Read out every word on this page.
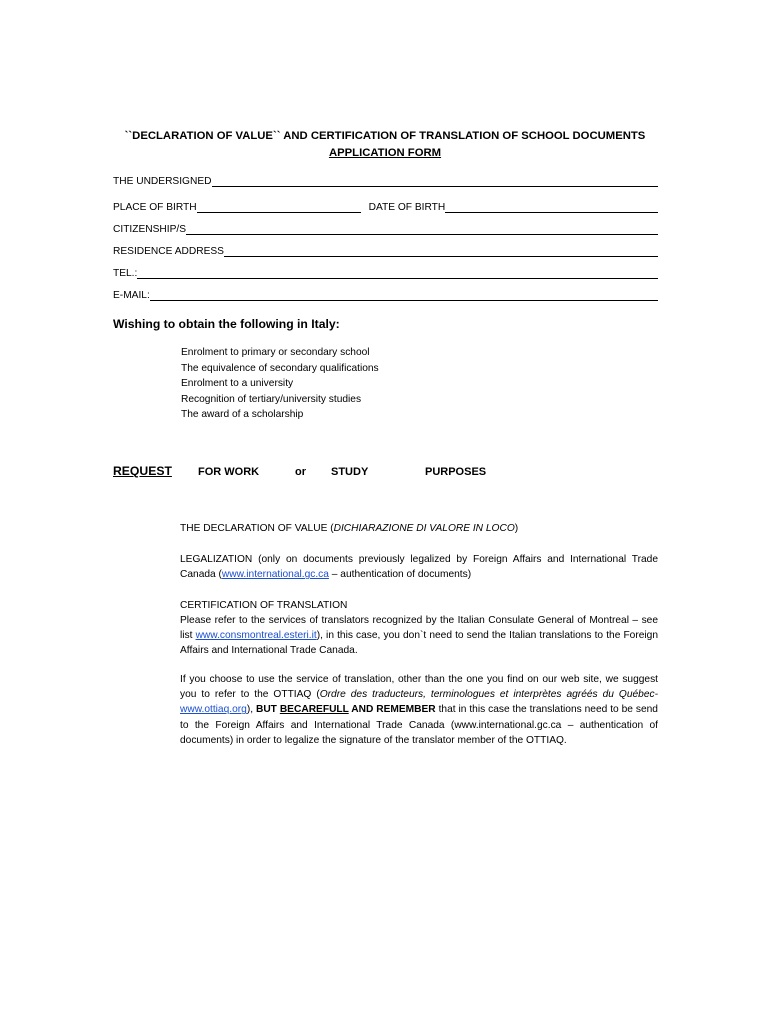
``DECLARATION OF VALUE`` AND CERTIFICATION OF TRANSLATION OF SCHOOL DOCUMENTS
APPLICATION FORM
THE UNDERSIGNED
PLACE OF BIRTH	DATE OF BIRTH
CITIZENSHIP/S
RESIDENCE ADDRESS
TEL.:
E-MAIL:
Wishing to obtain the following in Italy:
Enrolment to primary or secondary school
The equivalence of secondary qualifications
Enrolment to a university
Recognition of tertiary/university studies
The award of a scholarship
REQUEST FOR WORK	or STUDY	PURPOSES

THE DECLARATION OF VALUE (DICHIARAZIONE DI VALORE IN LOCO)

LEGALIZATION (only on documents previously legalized by Foreign Affairs and International Trade Canada (www.international.gc.ca – authentication of documents)

CERTIFICATION OF TRANSLATION

Please refer to the services of translators recognized by the Italian Consulate General of Montreal – see list www.consmontreal.esteri.it), in this case, you don`t need to send the Italian translations to the Foreign Affairs and International Trade Canada.

If you choose to use the service of translation, other than the one you find on our web site, we suggest you to refer to the OTTIAQ (Ordre des traducteurs, terminologues et interprètes agréés du Québec-www.ottiaq.org), BUT BECAREFULL AND REMEMBER that in this case the translations need to be send to the Foreign Affairs and International Trade Canada (www.international.gc.ca – authentication of documents) in order to legalize the signature of the translator member of the OTTIAQ.
